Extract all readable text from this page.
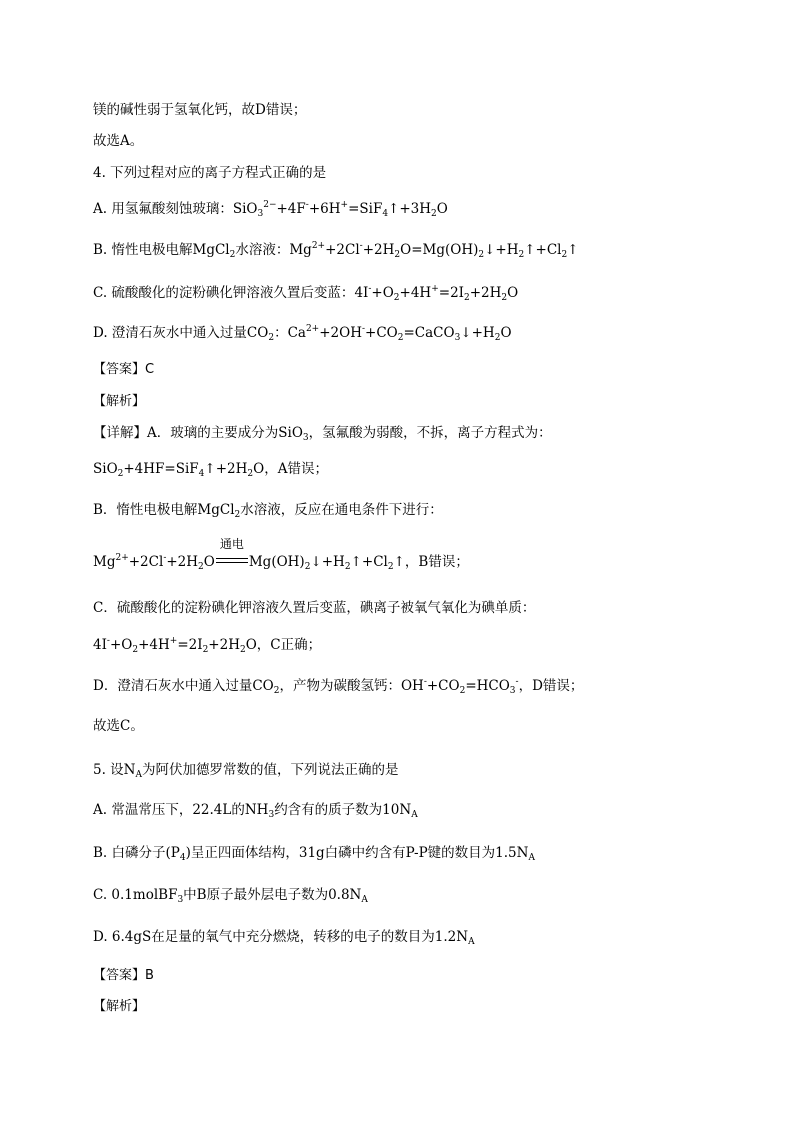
镁的碱性弱于氢氧化钙，故D错误；
故选A。
4. 下列过程对应的离子方程式正确的是
A. 用氢氟酸刻蚀玻璃：$SiO_3^{2-}+4F^-+6H^+=SiF_4↑+3H_2O$
B. 惰性电极电解MgCl$_2$水溶液：$Mg^{2+}+2Cl^-+2H_2O=Mg(OH)_2↓+H_2↑+Cl_2↑$
C. 硫酸酸化的淀粉碘化钾溶液久置后变蓝：$4I^-+O_2+4H^+=2I_2+2H_2O$
D. 澄清石灰水中通入过量$CO_2$：$Ca^{2+}+2OH^-+CO_2=CaCO_3↓+H_2O$
【答案】C
【解析】
【详解】A．玻璃的主要成分为SiO$_3$，氢氟酸为弱酸，不拆，离子方程式为：
$SiO_2+4HF=SiF_4↑+2H_2O$，A错误；
B．惰性电极电解MgCl$_2$水溶液，反应在通电条件下进行：
$Mg^{2+}+2Cl^-+2H_2O$
通电
$Mg(OH)_2↓+H_2↑+Cl_2↑$，B错误；
C．硫酸酸化的淀粉碘化钾溶液久置后变蓝，碘离子被氧气氧化为碘单质：
$4I^-+O_2+4H^+=2I_2+2H_2O$，C正确；
D．澄清石灰水中通入过量$CO_2$，产物为碳酸氢钙：$OH^-+CO_2=HCO_3^-$，D错误；
故选C。
5. 设$N_A$为阿伏加德罗常数的值，下列说法正确的是
A. 常温常压下，22.4L的$NH_3$约含有的质子数为$10N_A$
B. 白磷分子$(P_4)$呈正四面体结构，31g白磷中约含有P-P键的数目为$1.5N_A$
C. 0.1molBF$_3$中B原子最外层电子数为$0.8N_A$
D. 6.4gS在足量的氧气中充分燃烧，转移的电子的数目为$1.2N_A$
【答案】B
【解析】
